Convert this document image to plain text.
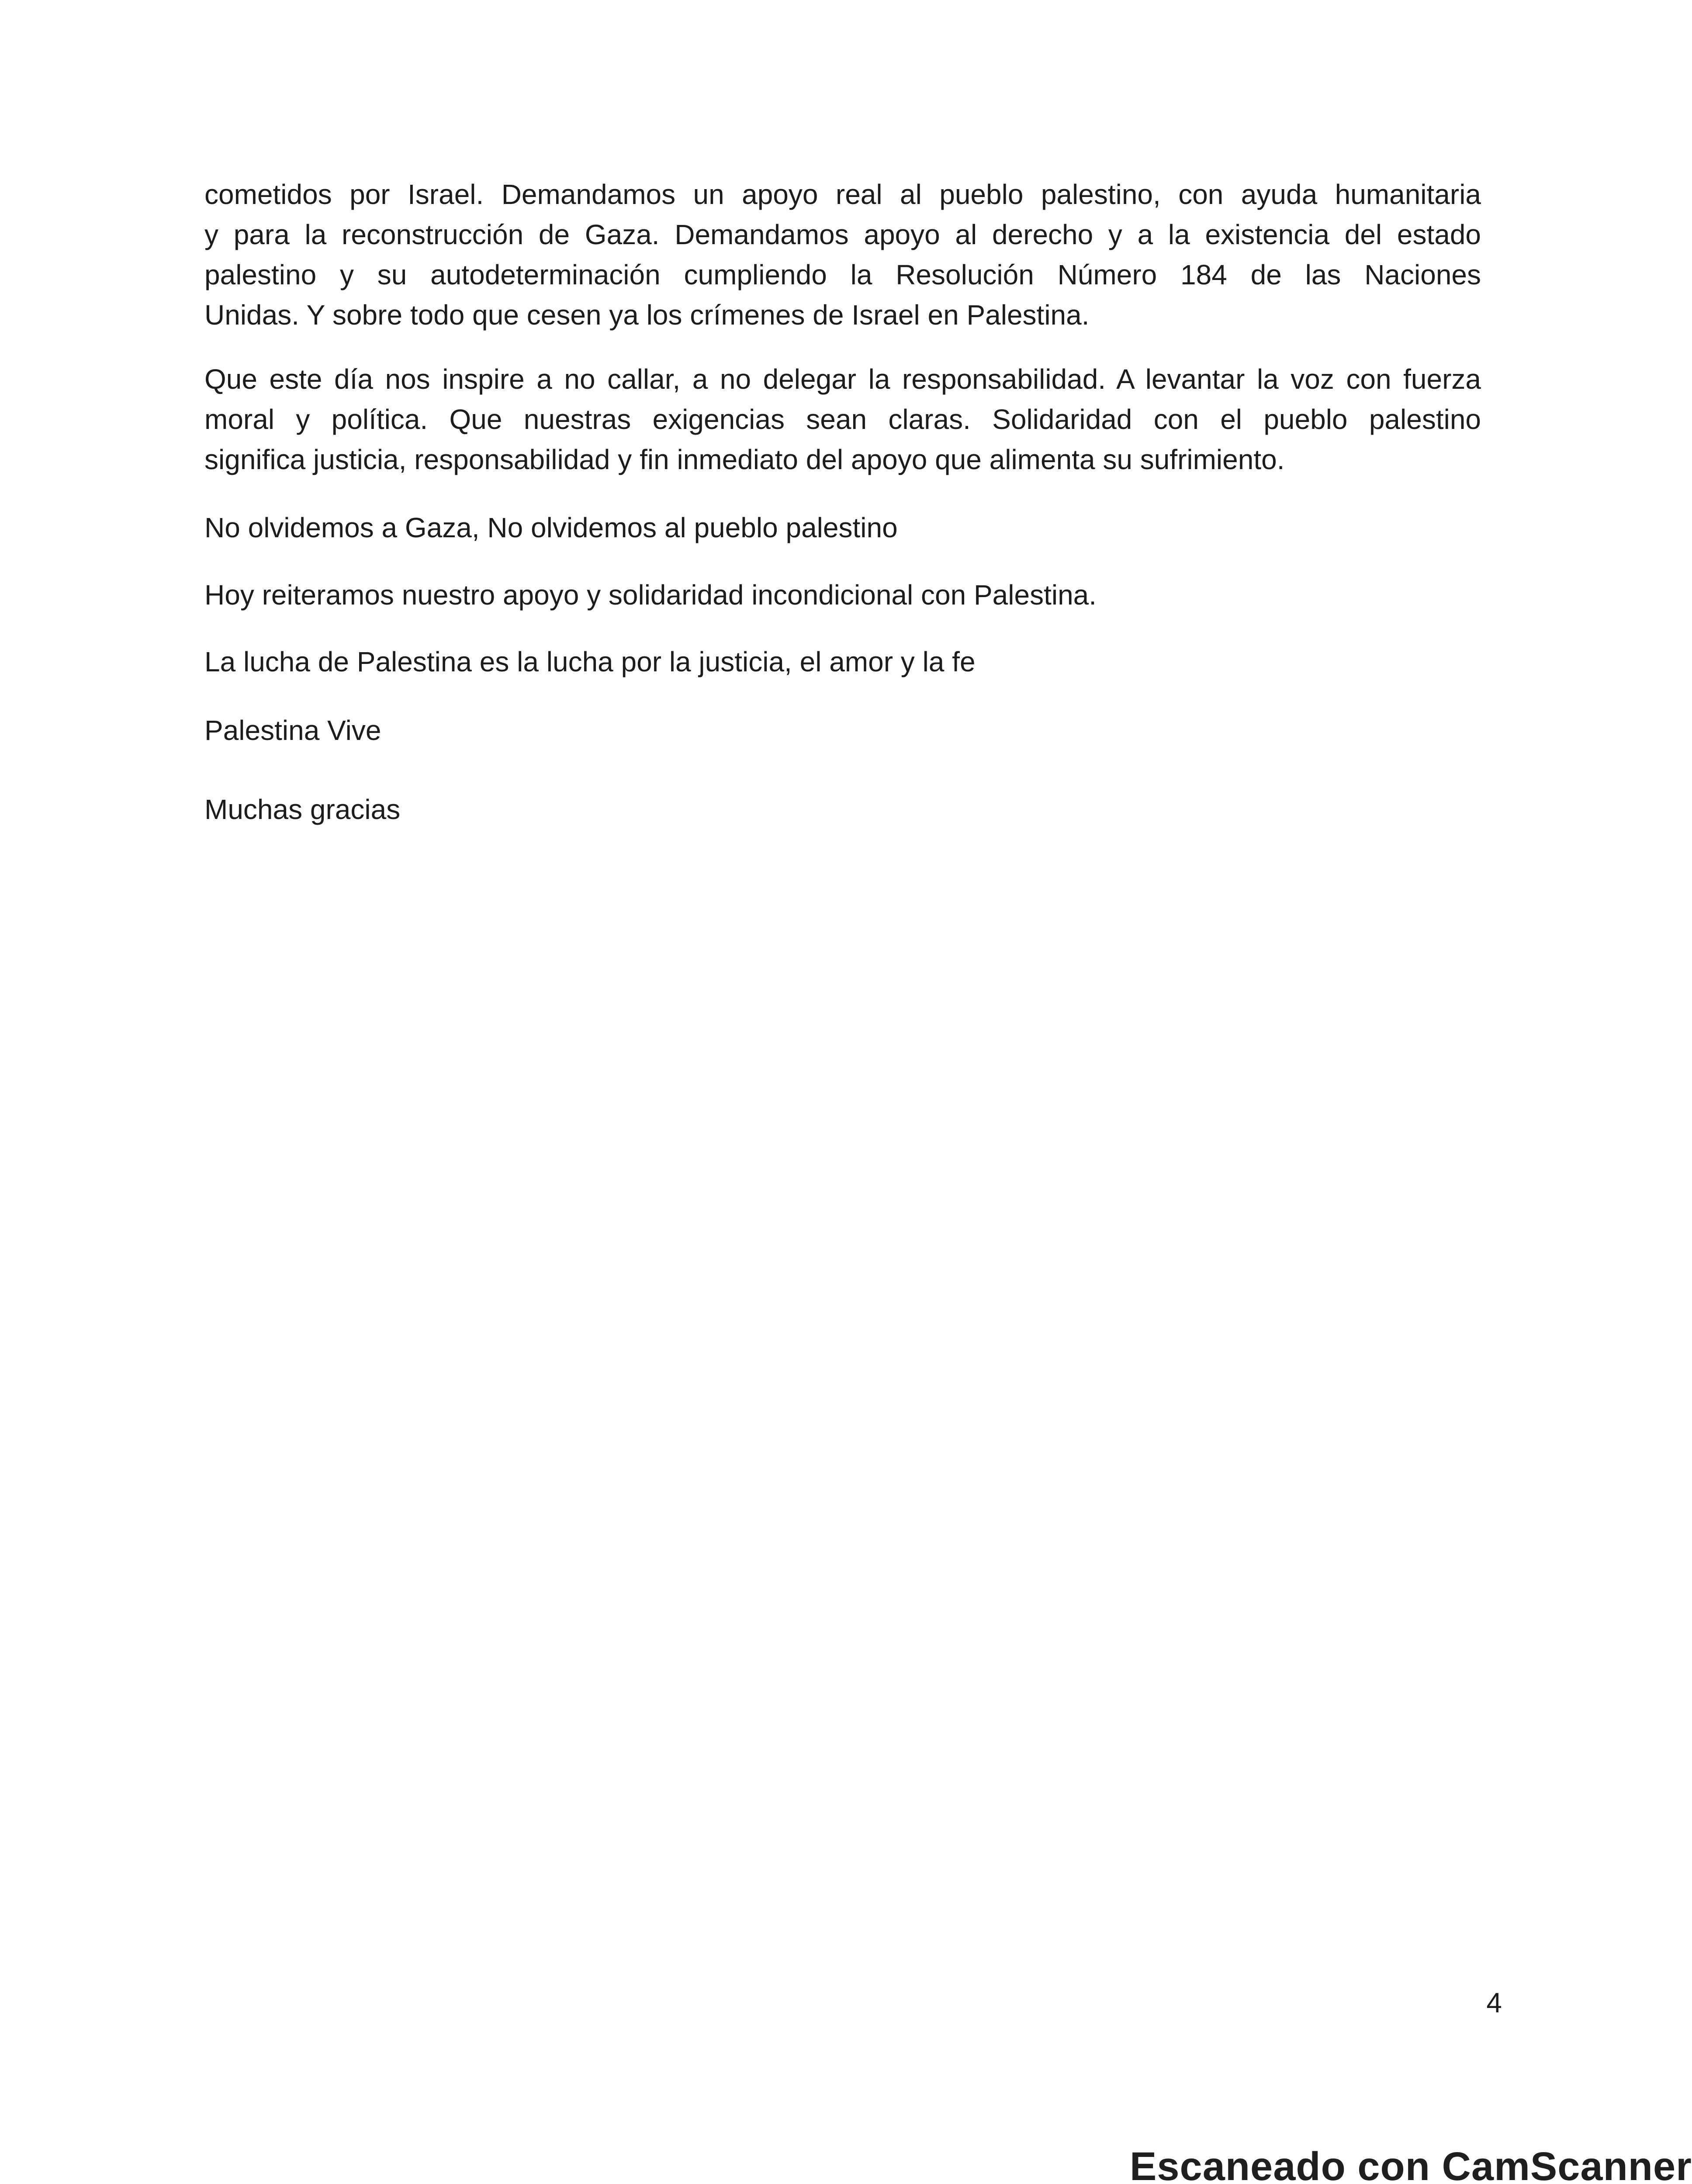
cometidos por Israel. Demandamos un apoyo real al pueblo palestino, con ayuda humanitaria
y para la reconstrucción de Gaza. Demandamos apoyo al derecho y a la existencia del estado
palestino y su autodeterminación cumpliendo la Resolución Número 184 de las Naciones
Unidas. Y sobre todo que cesen ya los crímenes de Israel en Palestina.
Que este día nos inspire a no callar, a no delegar la responsabilidad. A levantar la voz con fuerza
moral y política. Que nuestras exigencias sean claras. Solidaridad con el pueblo palestino
significa justicia, responsabilidad y fin inmediato del apoyo que alimenta su sufrimiento.
No olvidemos a Gaza, No olvidemos al pueblo palestino
Hoy reiteramos nuestro apoyo y solidaridad incondicional con Palestina.
La lucha de Palestina es la lucha por la justicia, el amor y la fe
Palestina Vive
Muchas gracias
4
Escaneado con CamScanner
